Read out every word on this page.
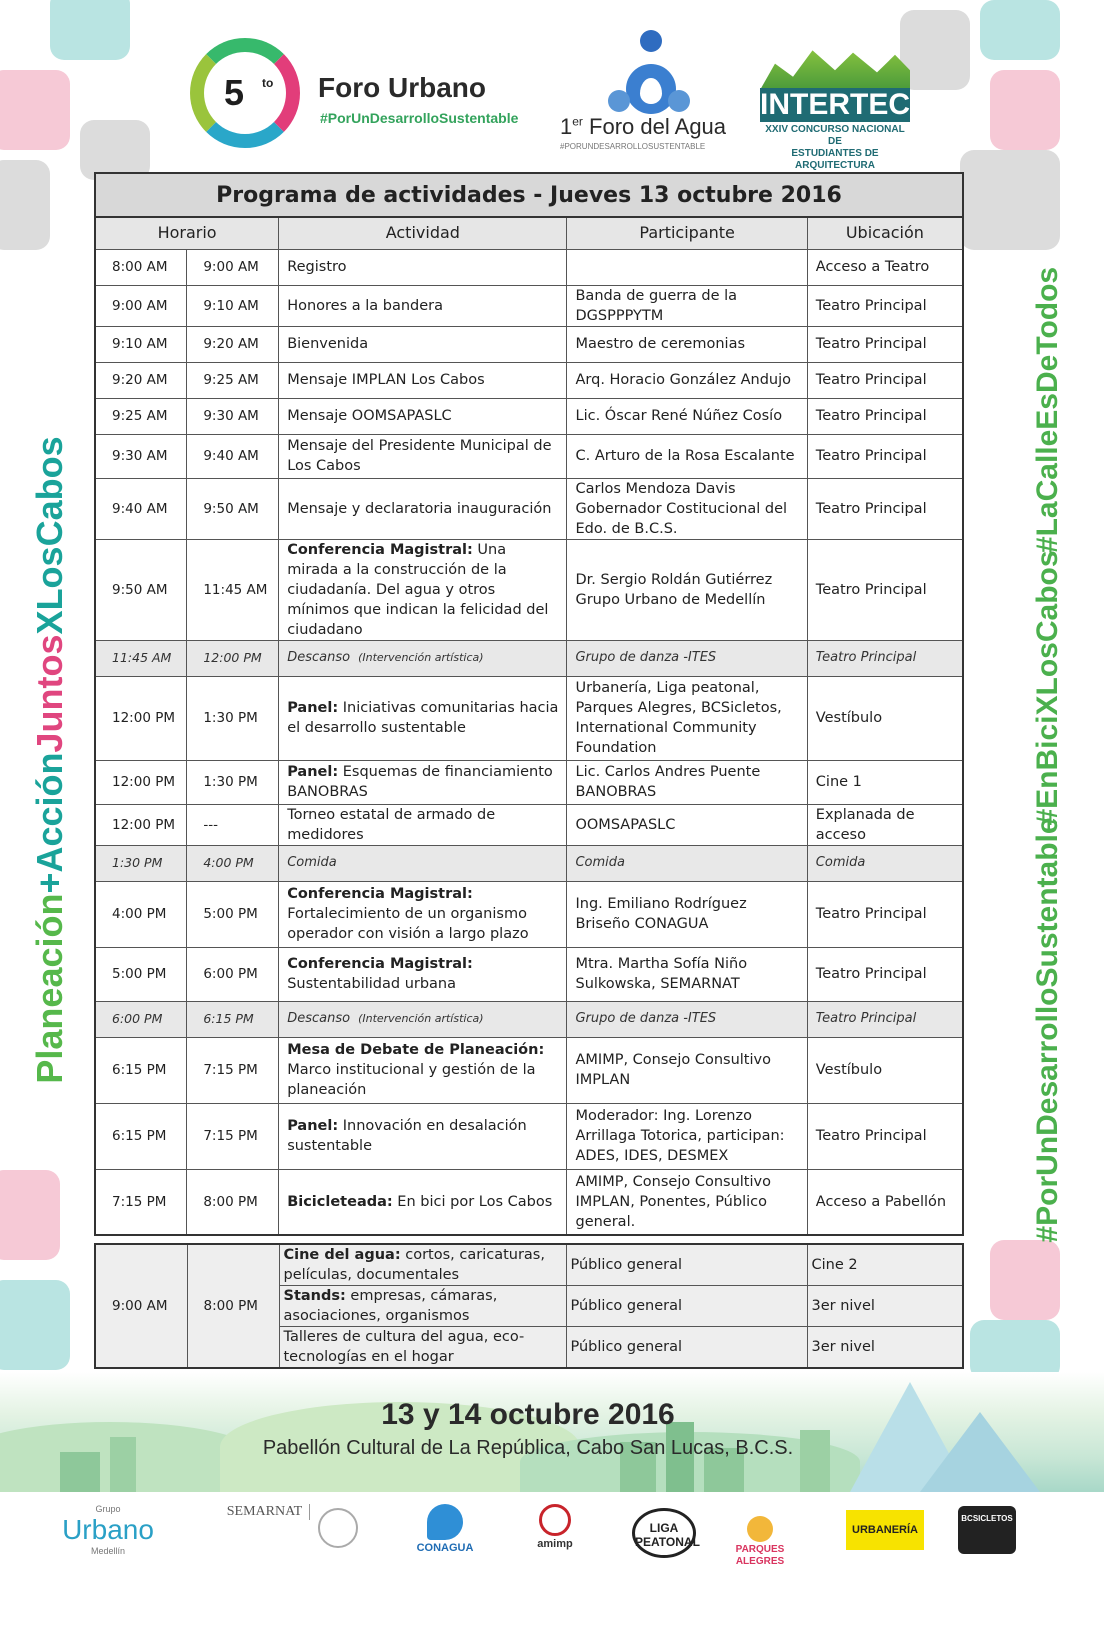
5 to Foro Urbano
#PorUnDesarrolloSustentable 1er Foro del Agua
#PORUNDESARROLLOSUSTENTABLE
INTERTEC
XXIV CONCURSO NACIONAL DE
ESTUDIANTES DE ARQUITECTURA
Planeación+AcciónJuntosXLosCabos	#LaCalleEsDeTodos
#EnBiciXLosCabos
#PorUnDesarrolloSustentable
Programa de actividades - Jueves 13 octubre 2016				
Horario		Actividad	Participante	Ubicación
8:00 AM	9:00 AM	Registro		Acceso a Teatro
9:00 AM	9:10 AM	Honores a la bandera	Banda de guerra de la DGSPPPYTM	Teatro Principal
9:10 AM	9:20 AM	Bienvenida	Maestro de ceremonias	Teatro Principal
9:20 AM	9:25 AM	Mensaje IMPLAN Los Cabos	Arq. Horacio González Andujo	Teatro Principal
9:25 AM	9:30 AM	Mensaje OOMSAPASLC	Lic. Óscar René Núñez Cosío	Teatro Principal
9:30 AM	9:40 AM	Mensaje del Presidente Municipal de Los Cabos	C. Arturo de la Rosa Escalante	Teatro Principal
9:40 AM	9:50 AM	Mensaje y declaratoria inauguración	Carlos Mendoza Davis Gobernador Costitucional del Edo. de B.C.S.	Teatro Principal
9:50 AM	11:45 AM	Conferencia Magistral: Una mirada a la construcción de la ciudadanía. Del agua y otros mínimos que indican la felicidad del ciudadano	Dr. Sergio Roldán Gutiérrez Grupo Urbano de Medellín	Teatro Principal
11:45 AM	12:00 PM	Descanso (Intervención artística)	Grupo de danza -ITES	Teatro Principal
12:00 PM	1:30 PM	Panel: Iniciativas comunitarias hacia el desarrollo sustentable	Urbanería, Liga peatonal, Parques Alegres, BCSicletos, International Community Foundation	Vestíbulo
12:00 PM	1:30 PM	Panel: Esquemas de financiamiento BANOBRAS	Lic. Carlos Andres Puente BANOBRAS	Cine 1
12:00 PM	---	Torneo estatal de armado de medidores	OOMSAPASLC	Explanada de acceso
1:30 PM	4:00 PM	Comida	Comida	Comida
4:00 PM	5:00 PM	Conferencia Magistral: Fortalecimiento de un organismo operador con visión a largo plazo	Ing. Emiliano Rodríguez Briseño CONAGUA	Teatro Principal
5:00 PM	6:00 PM	Conferencia Magistral: Sustentabilidad urbana	Mtra. Martha Sofía Niño Sulkowska, SEMARNAT	Teatro Principal
6:00 PM	6:15 PM	Descanso (Intervención artística)	Grupo de danza -ITES	Teatro Principal
6:15 PM	7:15 PM	Mesa de Debate de Planeación: Marco institucional y gestión de la planeación	AMIMP, Consejo Consultivo IMPLAN	Vestíbulo
6:15 PM	7:15 PM	Panel: Innovación en desalación sustentable	Moderador: Ing. Lorenzo Arrillaga Totorica, participan: ADES, IDES, DESMEX	Teatro Principal
7:15 PM	8:00 PM	Bicicleteada: En bici por Los Cabos	AMIMP, Consejo Consultivo IMPLAN, Ponentes, Público general.	Acceso a Pabellón
9:00 AM	8:00 PM	Cine del agua: cortos, caricaturas, películas, documentales	Público general	Cine 2
		Stands: empresas, cámaras, asociaciones, organismos	Público general	3er nivel
		Talleres de cultura del agua, eco-tecnologías en el hogar	Público general	3er nivel
13 y 14 octubre 2016
Pabellón Cultural de La República, Cabo San Lucas, B.C.S.
Grupo
Urbano
Medellín
SEMARNAT
CONAGUA	amimp
LIGA PEATONAL
PARQUES ALEGRES
URBANERÍA
BCSICLETOS
